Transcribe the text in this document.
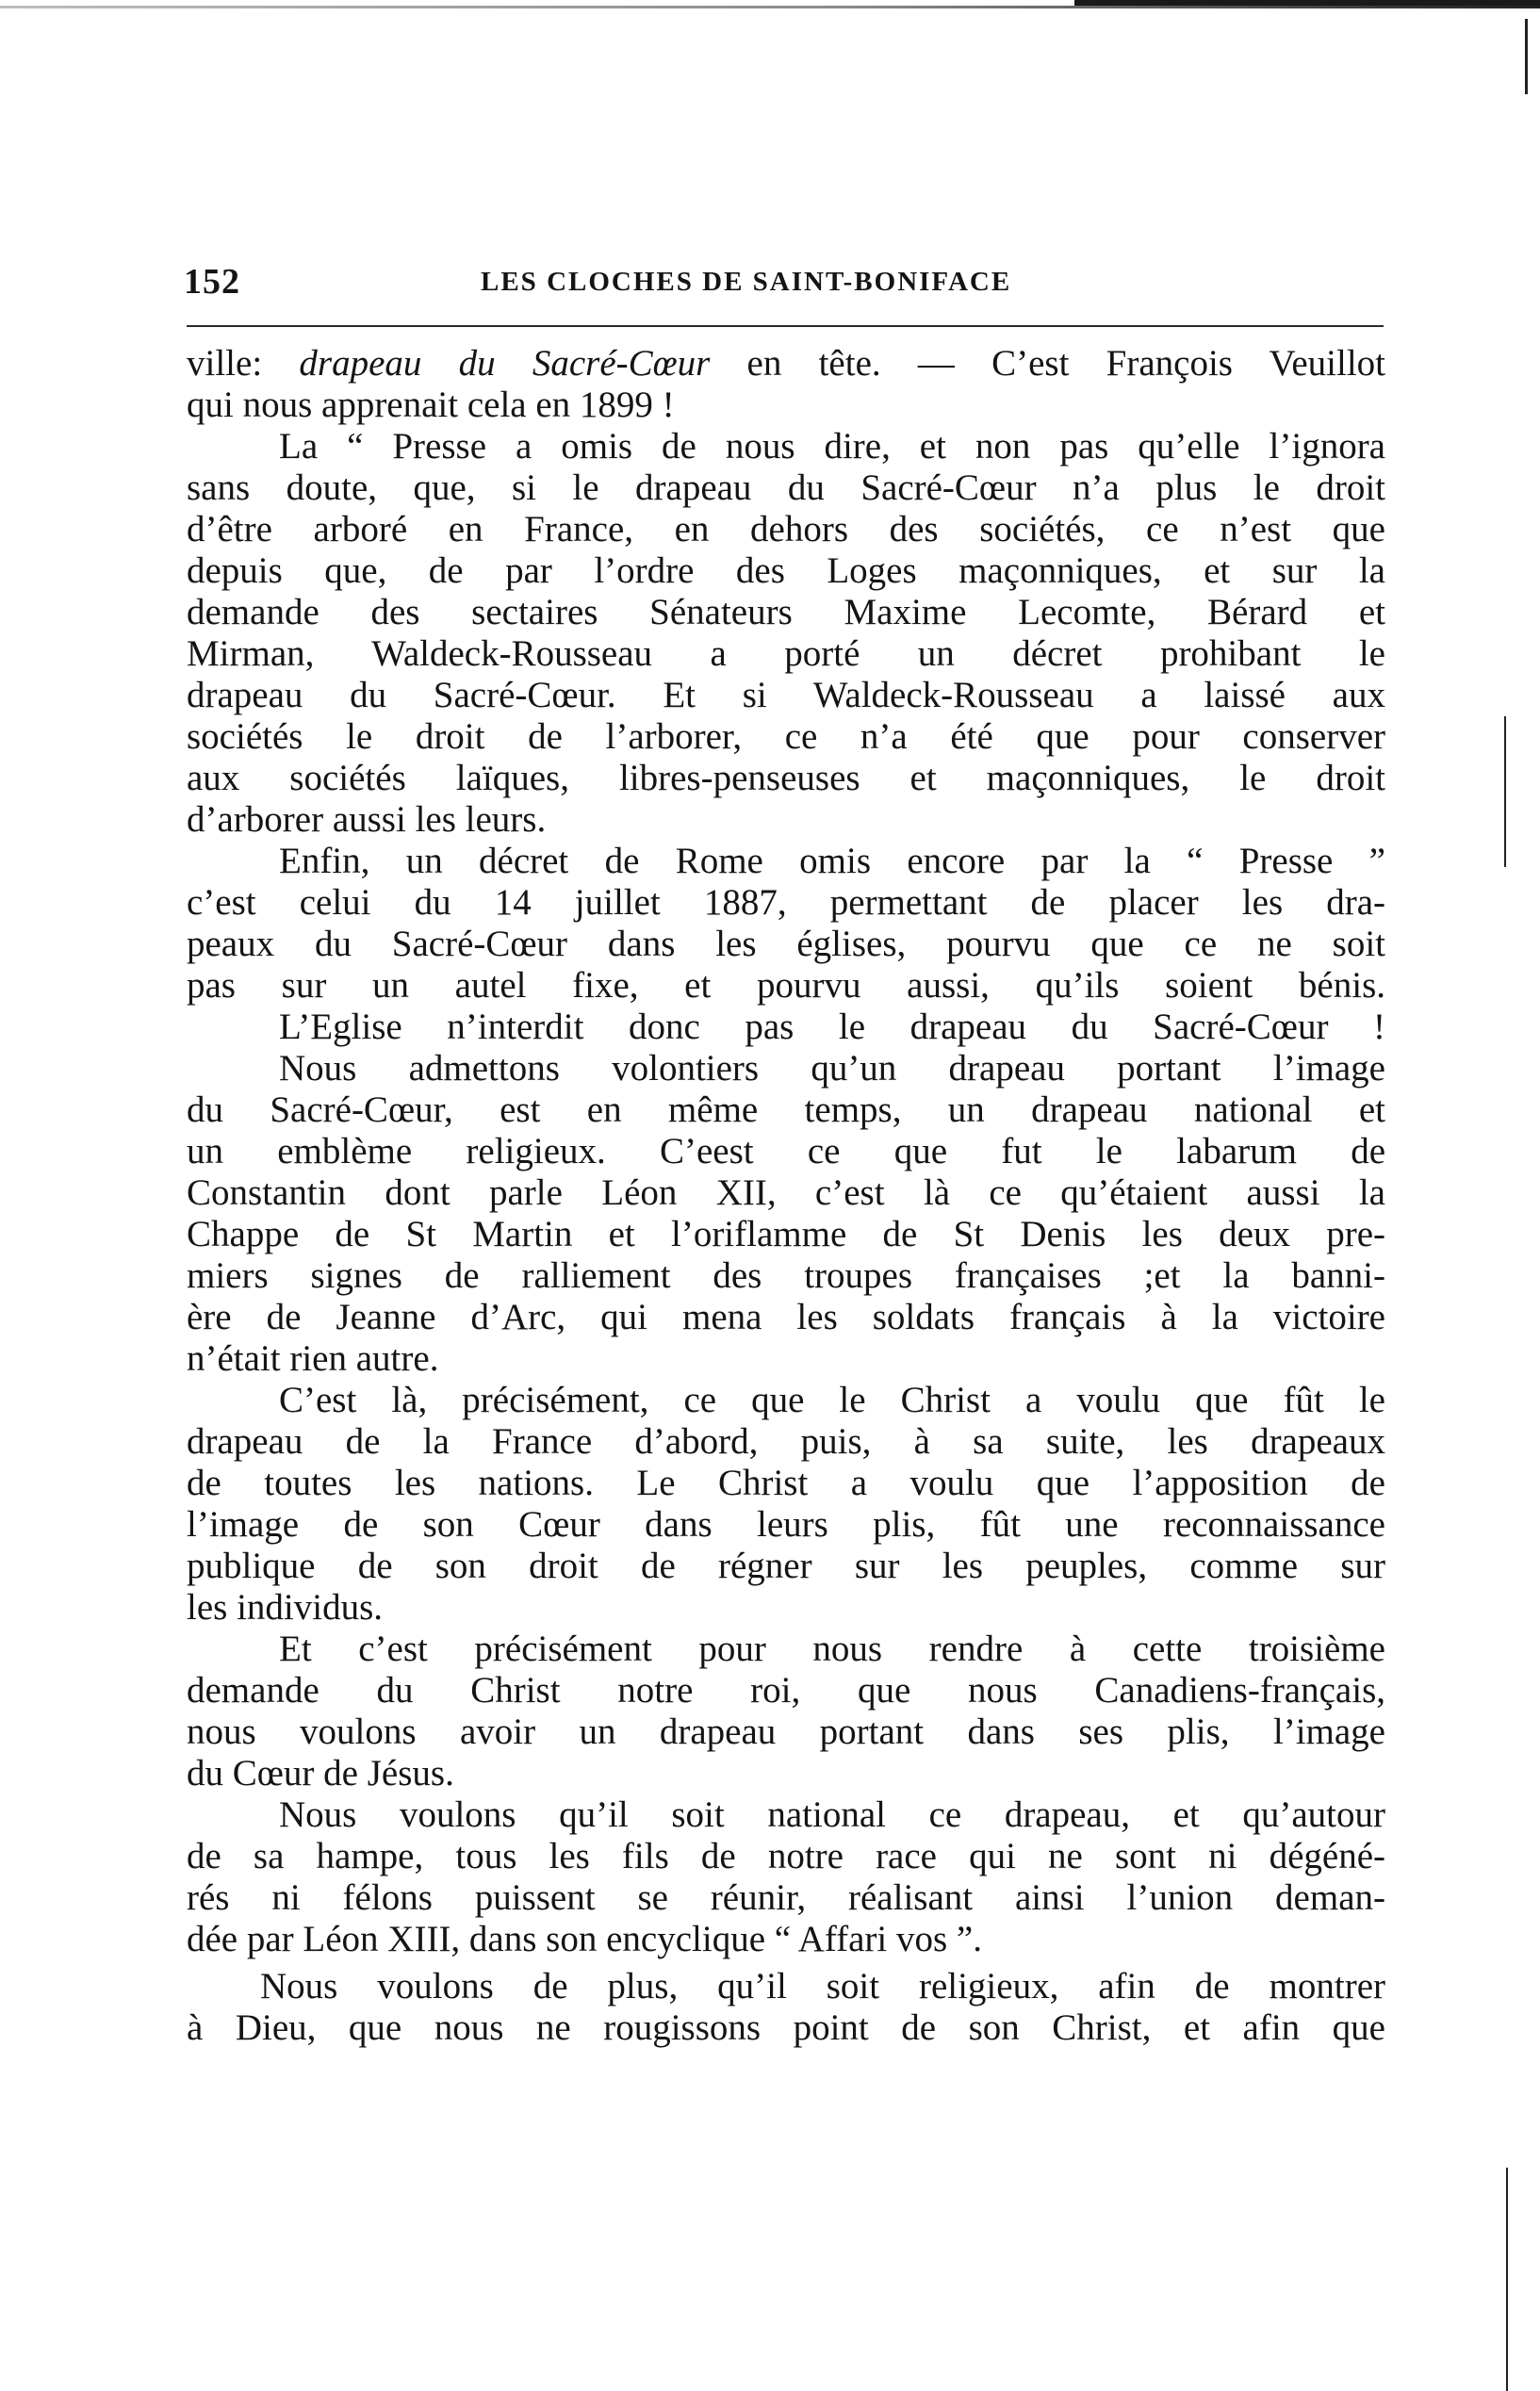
152	LES CLOCHES DE SAINT-BONIFACE
ville: drapeau du Sacré-Cœur en tête. — C’est François Veuillot
qui nous apprenait cela en 1899 !
La “ Presse a omis de nous dire, et non pas qu’elle l’ignora
sans doute, que, si le drapeau du Sacré-Cœur n’a plus le droit
d’être arboré en France, en dehors des sociétés, ce n’est que
depuis que, de par l’ordre des Loges maçonniques, et sur la
demande des sectaires Sénateurs Maxime Lecomte, Bérard et
Mirman, Waldeck-Rousseau a porté un décret prohibant le
drapeau du Sacré-Cœur. Et si Waldeck-Rousseau a laissé aux
sociétés le droit de l’arborer, ce n’a été que pour conserver
aux sociétés laïques, libres-penseuses et maçonniques, le droit
d’arborer aussi les leurs.
Enfin, un décret de Rome omis encore par la “ Presse ”
c’est celui du 14 juillet 1887, permettant de placer les dra-
peaux du Sacré-Cœur dans les églises, pourvu que ce ne soit
pas sur un autel fixe, et pourvu aussi, qu’ils soient bénis.
L’Eglise n’interdit donc pas le drapeau du Sacré-Cœur !
Nous admettons volontiers qu’un drapeau portant l’image
du Sacré-Cœur, est en même temps, un drapeau national et
un emblème religieux. C’eest ce que fut le labarum de
Constantin dont parle Léon XII, c’est là ce qu’étaient aussi la
Chappe de St Martin et l’oriflamme de St Denis les deux pre-
miers signes de ralliement des troupes françaises ;et la banni-
ère de Jeanne d’Arc, qui mena les soldats français à la victoire
n’était rien autre.
C’est là, précisément, ce que le Christ a voulu que fût le
drapeau de la France d’abord, puis, à sa suite, les drapeaux
de toutes les nations. Le Christ a voulu que l’apposition de
l’image de son Cœur dans leurs plis, fût une reconnaissance
publique de son droit de régner sur les peuples, comme sur
les individus.
Et c’est précisément pour nous rendre à cette troisième
demande du Christ notre roi, que nous Canadiens-français,
nous voulons avoir un drapeau portant dans ses plis, l’image
du Cœur de Jésus.
Nous voulons qu’il soit national ce drapeau, et qu’autour
de sa hampe, tous les fils de notre race qui ne sont ni dégéné-
rés ni félons puissent se réunir, réalisant ainsi l’union deman-
dée par Léon XIII, dans son encyclique “ Affari vos ”.
Nous voulons de plus, qu’il soit religieux, afin de montrer
à Dieu, que nous ne rougissons point de son Christ, et afin que
